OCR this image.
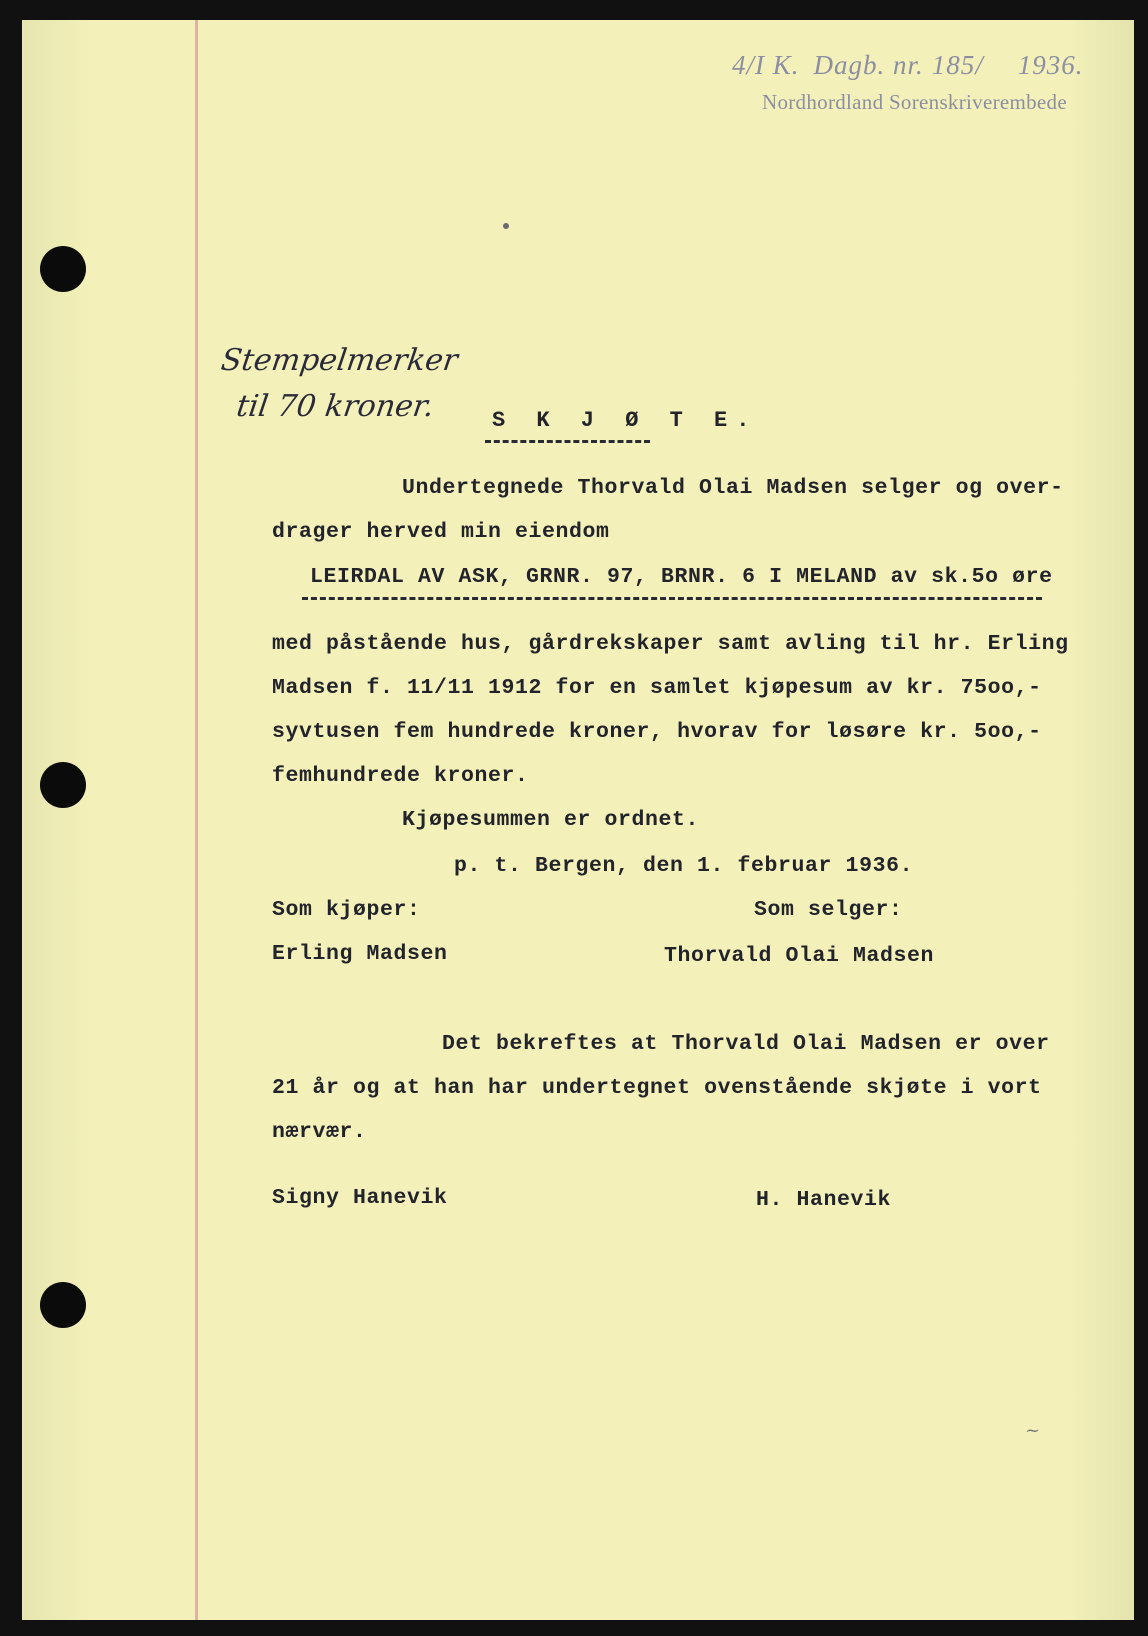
4/I K. Dagb. nr. 185/ 1936.
Nordhordland Sorenskriverembede
~
Stempelmerker
til 70 kroner.	S K J Ø T E.
Undertegnede Thorvald Olai Madsen selger og over-
drager herved min eiendom
LEIRDAL AV ASK, GRNR. 97, BRNR. 6 I MELAND av sk.5o øre
med påstående hus, gårdrekskaper samt avling til hr. Erling
Madsen f. 11/11 1912 for en samlet kjøpesum av kr. 75oo,-
syvtusen fem hundrede kroner, hvorav for løsøre kr. 5oo,-
femhundrede kroner.
Kjøpesummen er ordnet.
p. t. Bergen, den 1. februar 1936.
Som kjøper:	Som selger:
Erling Madsen	Thorvald Olai Madsen
Det bekreftes at Thorvald Olai Madsen er over
21 år og at han har undertegnet ovenstående skjøte i vort
nærvær.
Signy Hanevik	H. Hanevik
